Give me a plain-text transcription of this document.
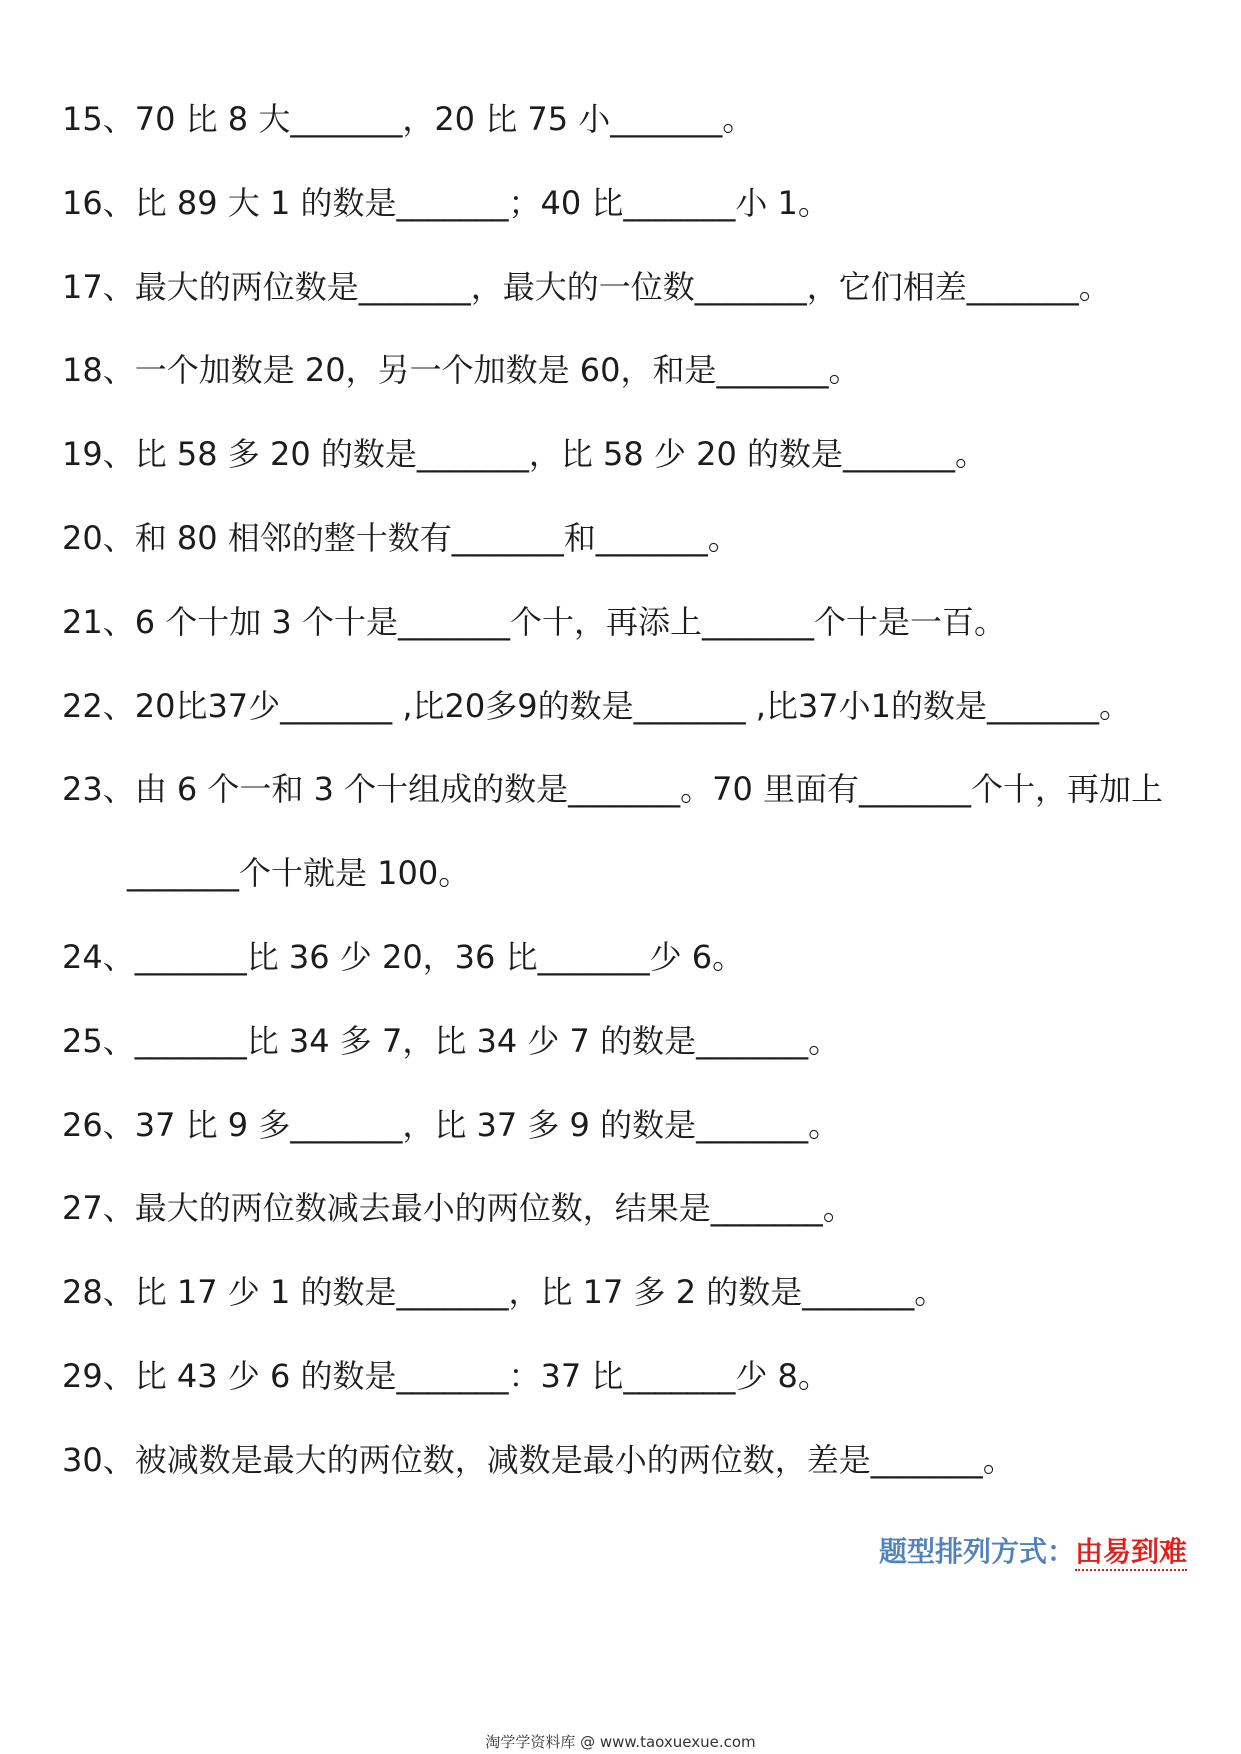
15、70 比 8 大_______，20 比 75 小_______。
16、比 89 大 1 的数是_______；40 比_______小 1。
17、最大的两位数是_______，最大的一位数_______，它们相差_______。
18、一个加数是 20，另一个加数是 60，和是_______。
19、比 58 多 20 的数是_______，比 58 少 20 的数是_______。
20、和 80 相邻的整十数有_______和_______。
21、6 个十加 3 个十是_______个十，再添上_______个十是一百。
22、20比37少_______ ,比20多9的数是_______ ,比37小1的数是_______。
23、由 6 个一和 3 个十组成的数是_______。70 里面有_______个十，再加上
_______个十就是 100。
24、_______比 36 少 20，36 比_______少 6。
25、_______比 34 多 7，比 34 少 7 的数是_______。
26、37 比 9 多_______，比 37 多 9 的数是_______。
27、最大的两位数减去最小的两位数，结果是_______。
28、比 17 少 1 的数是_______，比 17 多 2 的数是_______。
29、比 43 少 6 的数是_______：37 比_______少 8。
30、被减数是最大的两位数，减数是最小的两位数，差是_______。
题型排列方式：由易到难
淘学学资料库 @ www.taoxuexue.com
